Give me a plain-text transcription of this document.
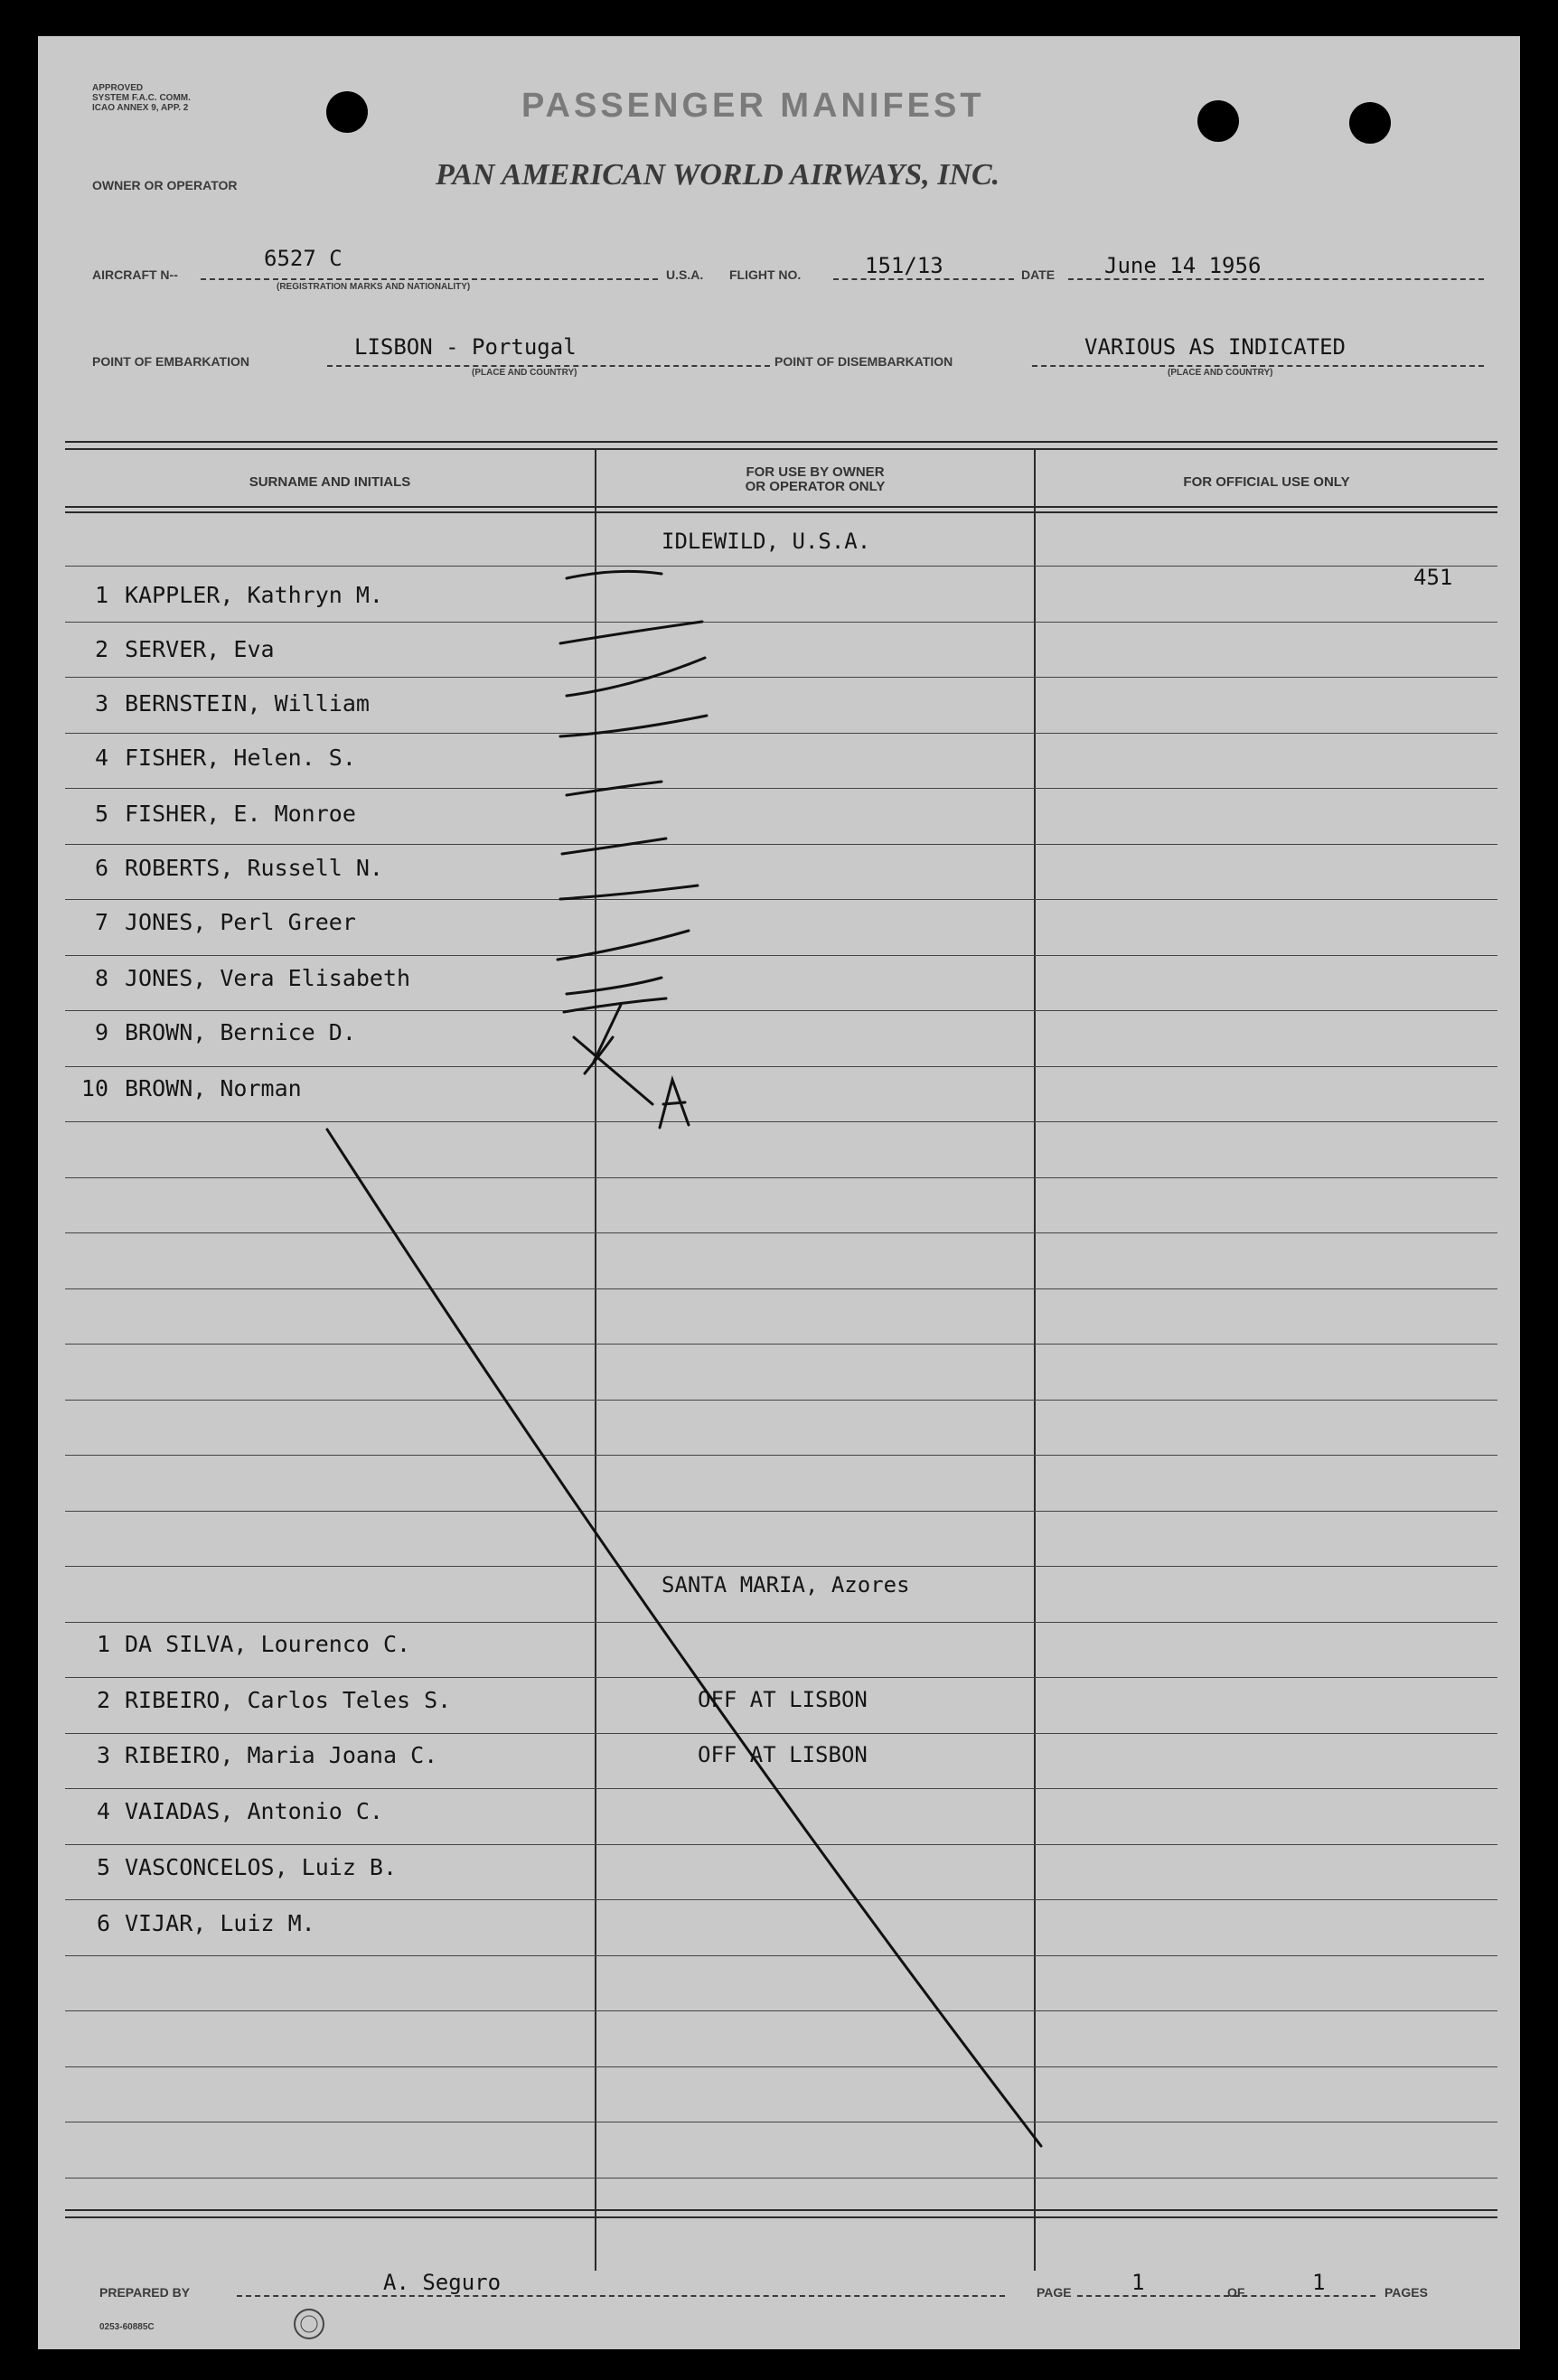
APPROVED
SYSTEM F.A.C. COMM.
ICAO ANNEX 9, APP. 2	PASSENGER MANIFEST
OWNER OR OPERATOR	PAN AMERICAN WORLD AIRWAYS, INC.
AIRCRAFT N--
6527 C
(REGISTRATION MARKS AND NATIONALITY)
U.S.A. FLIGHT NO.	151/13	DATE June 14 1956
POINT OF EMBARKATION
LISBON - Portugal
(PLACE AND COUNTRY)
POINT OF DISEMBARKATION
VARIOUS AS INDICATED
(PLACE AND COUNTRY)
SURNAME AND INITIALS
FOR USE BY OWNER
OR OPERATOR ONLY	FOR OFFICIAL USE ONLY
IDLEWILD, U.S.A.
451
1 KAPPLER, Kathryn M.
2 SERVER, Eva
3 BERNSTEIN, William
4 FISHER, Helen. S.
5 FISHER, E. Monroe
6 ROBERTS, Russell N.
7 JONES, Perl Greer
8 JONES, Vera Elisabeth
9 BROWN, Bernice D.
10 BROWN, Norman
SANTA MARIA, Azores
1 DA SILVA, Lourenco C.
2 RIBEIRO, Carlos Teles S.	OFF AT LISBON
3 RIBEIRO, Maria Joana C.	OFF AT LISBON
4 VAIADAS, Antonio C.
5 VASCONCELOS, Luiz B.
6 VIJAR, Luiz M.
PREPARED BY	A. Seguro	PAGE	1	OF	1	PAGES
0253-60885C
